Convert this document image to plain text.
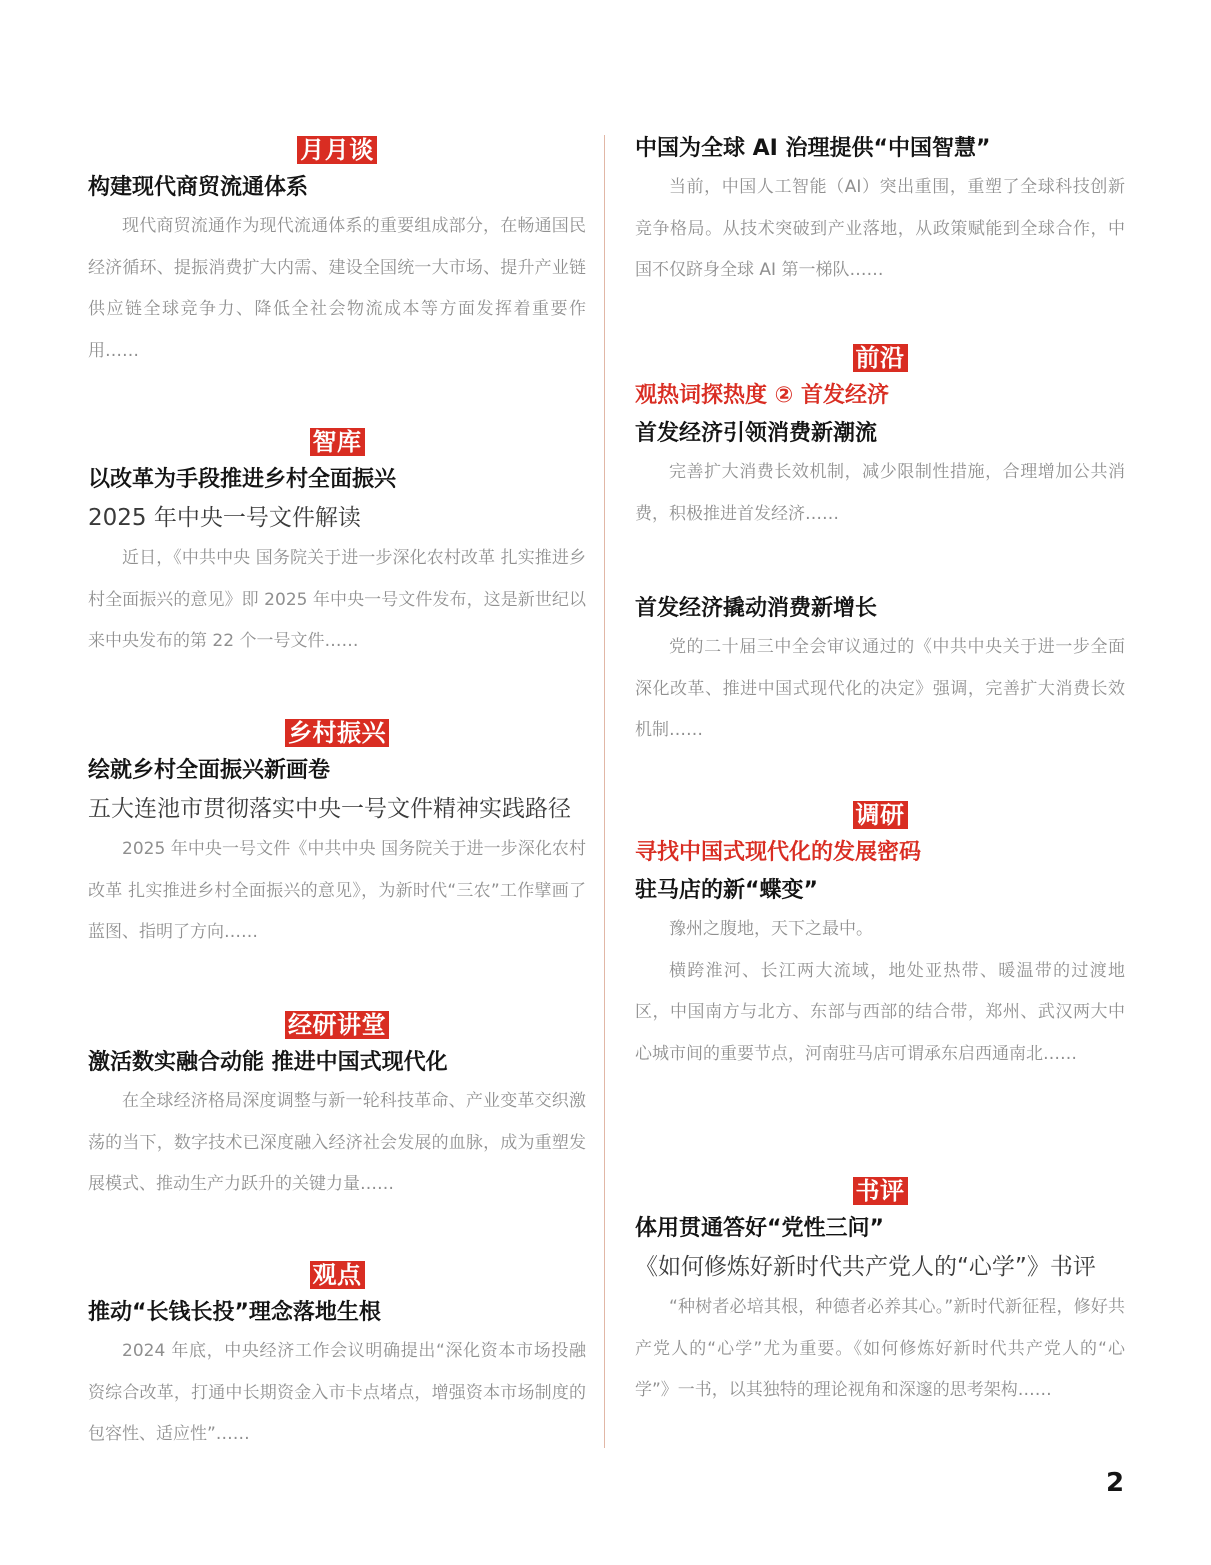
月月谈
构建现代商贸流通体系

现代商贸流通作为现代流通体系的重要组成部分，在畅通国民经济循环、提振消费扩大内需、建设全国统一大市场、提升产业链供应链全球竞争力、降低全社会物流成本等方面发挥着重要作用……

智库
以改革为手段推进乡村全面振兴
2025 年中央一号文件解读

近日，《中共中央 国务院关于进一步深化农村改革 扎实推进乡村全面振兴的意见》即 2025 年中央一号文件发布，这是新世纪以来中央发布的第 22 个一号文件……

乡村振兴
绘就乡村全面振兴新画卷
五大连池市贯彻落实中央一号文件精神实践路径

2025 年中央一号文件《中共中央 国务院关于进一步深化农村改革 扎实推进乡村全面振兴的意见》，为新时代“三农”工作擘画了蓝图、指明了方向……

经研讲堂
激活数实融合动能 推进中国式现代化

在全球经济格局深度调整与新一轮科技革命、产业变革交织激荡的当下，数字技术已深度融入经济社会发展的血脉，成为重塑发展模式、推动生产力跃升的关键力量……

观点
推动“长钱长投”理念落地生根

2024 年底，中央经济工作会议明确提出“深化资本市场投融资综合改革，打通中长期资金入市卡点堵点，增强资本市场制度的包容性、适应性”……

中国为全球 AI 治理提供“中国智慧”

当前，中国人工智能（AI）突出重围，重塑了全球科技创新竞争格局。从技术突破到产业落地，从政策赋能到全球合作，中国不仅跻身全球 AI 第一梯队……

前沿
观热词探热度 ② 首发经济
首发经济引领消费新潮流

完善扩大消费长效机制，减少限制性措施，合理增加公共消费，积极推进首发经济……

首发经济撬动消费新增长

党的二十届三中全会审议通过的《中共中央关于进一步全面深化改革、推进中国式现代化的决定》强调，完善扩大消费长效机制……

调研
寻找中国式现代化的发展密码
驻马店的新“蝶变”

豫州之腹地，天下之最中。

横跨淮河、长江两大流域，地处亚热带、暖温带的过渡地区，中国南方与北方、东部与西部的结合带，郑州、武汉两大中心城市间的重要节点，河南驻马店可谓承东启西通南北……

书评
体用贯通答好“党性三问”
《如何修炼好新时代共产党人的“心学”》书评

“种树者必培其根，种德者必养其心。”新时代新征程，修好共产党人的“心学”尤为重要。《如何修炼好新时代共产党人的“心学”》一书，以其独特的理论视角和深邃的思考架构……

2
